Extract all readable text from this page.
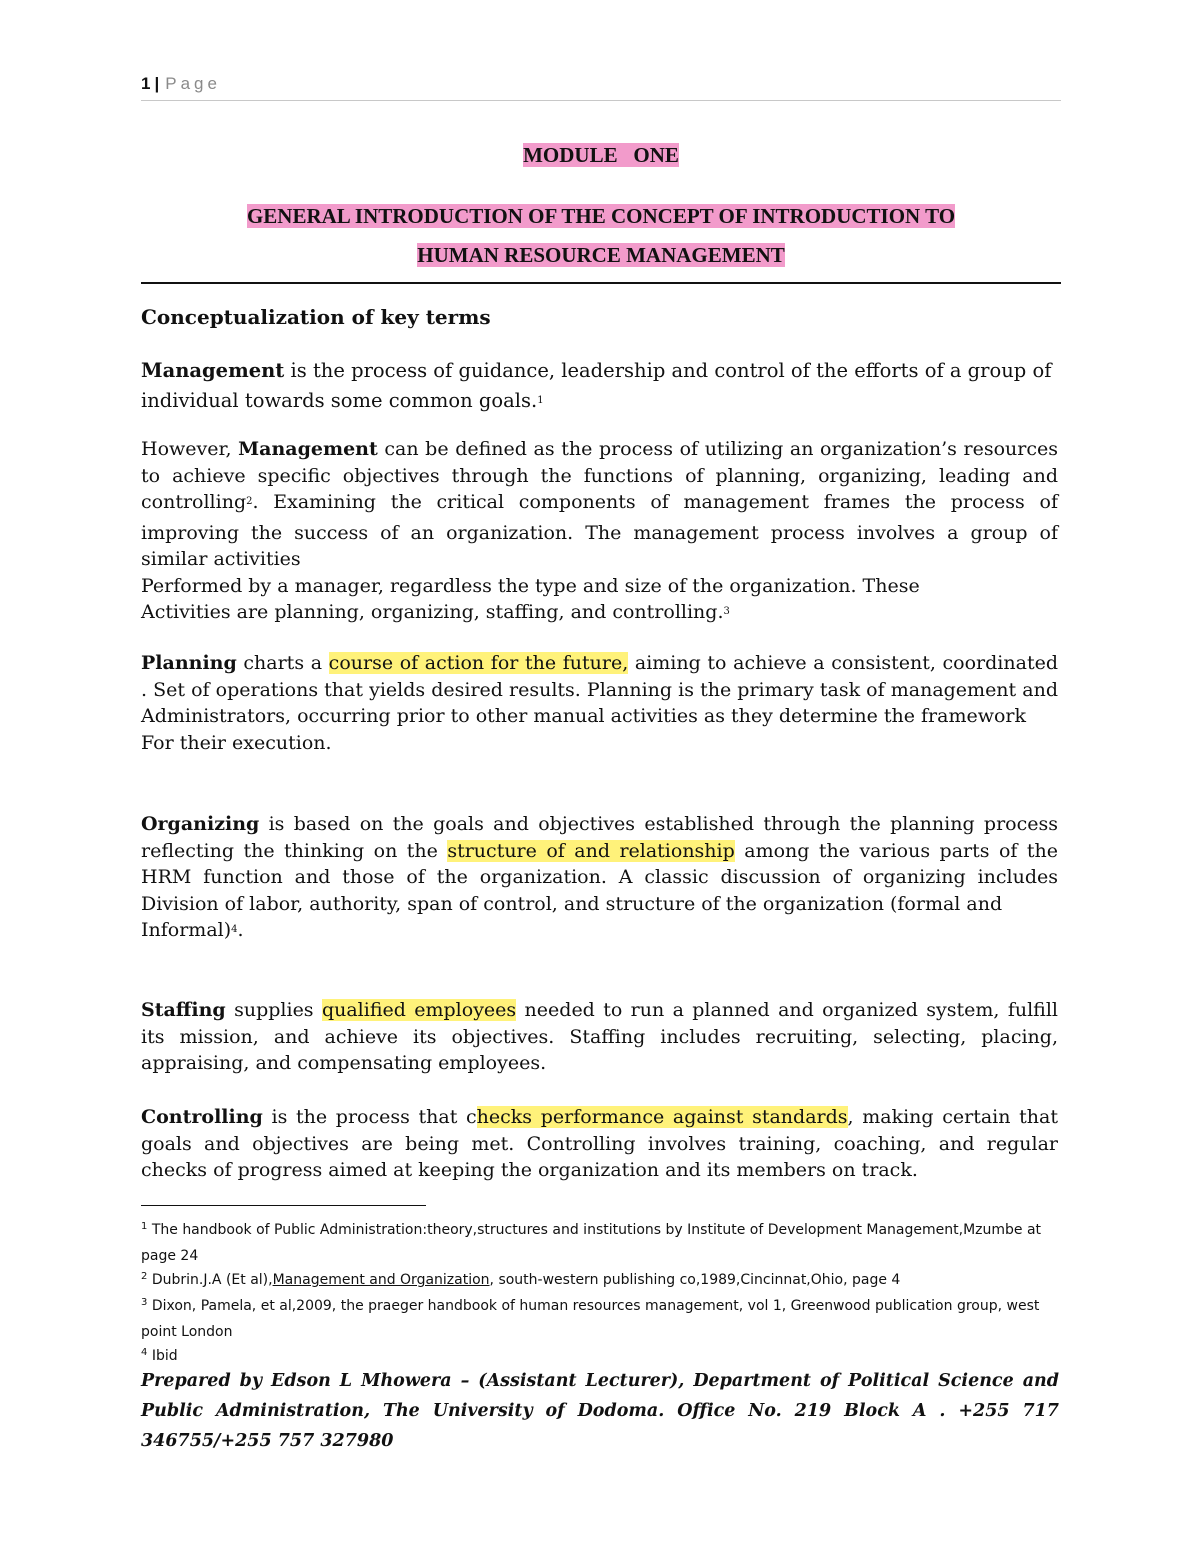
1 | Page
MODULE   ONE
GENERAL INTRODUCTION OF THE CONCEPT OF INTRODUCTION TO
HUMAN RESOURCE MANAGEMENT

Conceptualization of key terms

Management is the process of guidance, leadership and control of the efforts of a group of individual towards some common goals.$^1$

However, Management can be defined as the process of utilizing an organization’s resources to achieve specific objectives through the functions of planning, organizing, leading and controlling$^2$. Examining the critical components of management frames the process of improving the success of an organization. The management process involves a group of similar activities

Performed by a manager, regardless the type and size of the organization. These

Activities are planning, organizing, staffing, and controlling.$^3$

Planning charts a course of action for the future, aiming to achieve a consistent, coordinated . Set of operations that yields desired results. Planning is the primary task of management and Administrators, occurring prior to other manual activities as they determine the framework

For their execution.

Organizing is based on the goals and objectives established through the planning process reflecting the thinking on the structure of and relationship among the various parts of the HRM function and those of the organization. A classic discussion of organizing includes Division of labor, authority, span of control, and structure of the organization (formal and

Informal)$^4$.

Staffing supplies qualified employees needed to run a planned and organized system, fulfill its mission, and achieve its objectives. Staffing includes recruiting, selecting, placing, appraising, and compensating employees.

Controlling is the process that checks performance against standards, making certain that goals and objectives are being met. Controlling involves training, coaching, and regular checks of progress aimed at keeping the organization and its members on track.

$^1$ The handbook of Public Administration:theory,structures and institutions by Institute of Development Management,Mzumbe at page 24

$^2$ Dubrin.J.A (Et al),Management and Organization, south-western publishing co,1989,Cincinnat,Ohio, page 4

$^3$ Dixon, Pamela, et al,2009, the praeger handbook of human resources management, vol 1, Greenwood publication group, west point London

$^4$ Ibid

Prepared by Edson L Mhowera – (Assistant Lecturer), Department of Political Science and Public Administration, The University of Dodoma. Office No. 219 Block A . +255 717 346755/+255 757 327980
